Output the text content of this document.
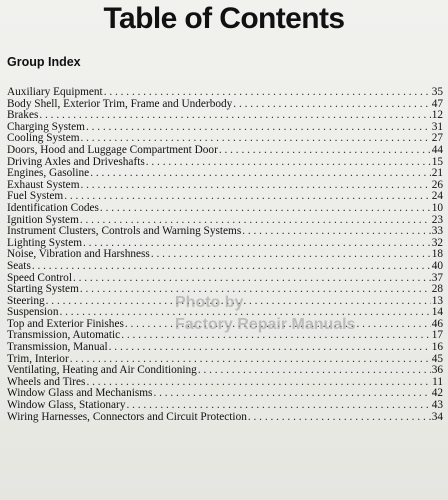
Table of Contents
Group Index
Auxiliary Equipment . . .	35
Body Shell, Exterior Trim, Frame and Underbody . . .	47
Brakes . . .	12
Charging System . . .	31
Cooling System . . .	27
Doors, Hood and Luggage Compartment Door . . .	44
Driving Axles and Driveshafts . . .	15
Engines, Gasoline . . .	21
Exhaust System . . .	26
Fuel System . . .	24
Identification Codes . . .	10
Ignition System . . .	23
Instrument Clusters, Controls and Warning Systems . . .	33
Lighting System . . .	32
Noise, Vibration and Harshness . . .	18
Seats . . .	40
Speed Control . . .	37
Starting System . . .	28
Steering . . .	13
Suspension . . .	14
Top and Exterior Finishes . . .	46
Transmission, Automatic . . .	17
Transmission, Manual . . .	16
Trim, Interior . . .	45
Ventilating, Heating and Air Conditioning . . .	36
Wheels and Tires . . .	11
Window Glass and Mechanisms . . .	42
Window Glass, Stationary . . .	43
Wiring Harnesses, Connectors and Circuit Protection . . .	34
Photo by
Factory Repair Manuals
